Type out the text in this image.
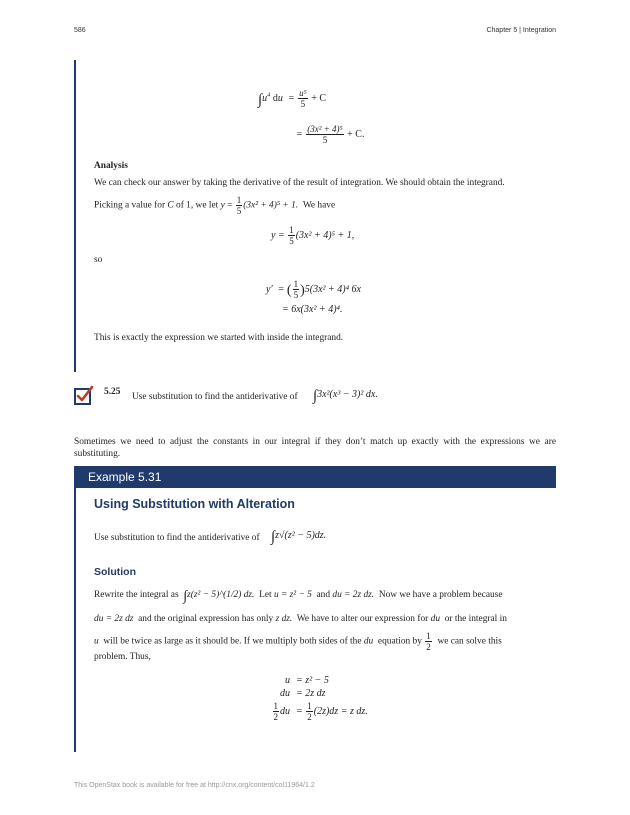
586	Chapter 5 | Integration
$\int u^4$ du  = $\frac{\text{u⁵}}{5} + C$
= $\frac{\text{(3x² + 4)⁵}}{5} + C$.
Analysis
We can check our answer by taking the derivative of the result of integration. We should obtain the integrand.
Picking a value for C of 1, we let $y = \frac{1}{5} (3x^2 + 4)^5 + 1$. We have
$y = \frac{1}{5} (3x^2 + 4)^5 + 1$,
so
y′  = ( $\frac{1}{5} )5(3x^2 + 4)^4$ 6x
= 6x(3x² + 4)⁴.
This is exactly the expression we started with inside the integrand.
5.25 Use substitution to find the antiderivative of ∫3x²(x³ − 3)² dx.
Sometimes we need to adjust the constants in our integral if they don’t match up exactly with the expressions we are substituting.
Example 5.31
Using Substitution with Alteration
Use substitution to find the antiderivative of ∫z√(z² − 5)dz.
Solution
Rewrite the integral as ∫z(z² − 5)^(1/2) dz. Let u = z² − 5 and du = 2z dz. Now we have a problem because
du = 2z dz and the original expression has only z dz. We have to alter our expression for du or the integral in
u will be twice as large as it should be. If we multiply both sides of the du equation by $\frac{1}{2}$ we can solve this
problem. Thus,
u = z² − 5
du = 2z dz
$\frac{1}{2}$ du = $\frac{1}{2} (2z)dz = z$ dz.
This OpenStax book is available for free at http://cnx.org/content/col11964/1.2
